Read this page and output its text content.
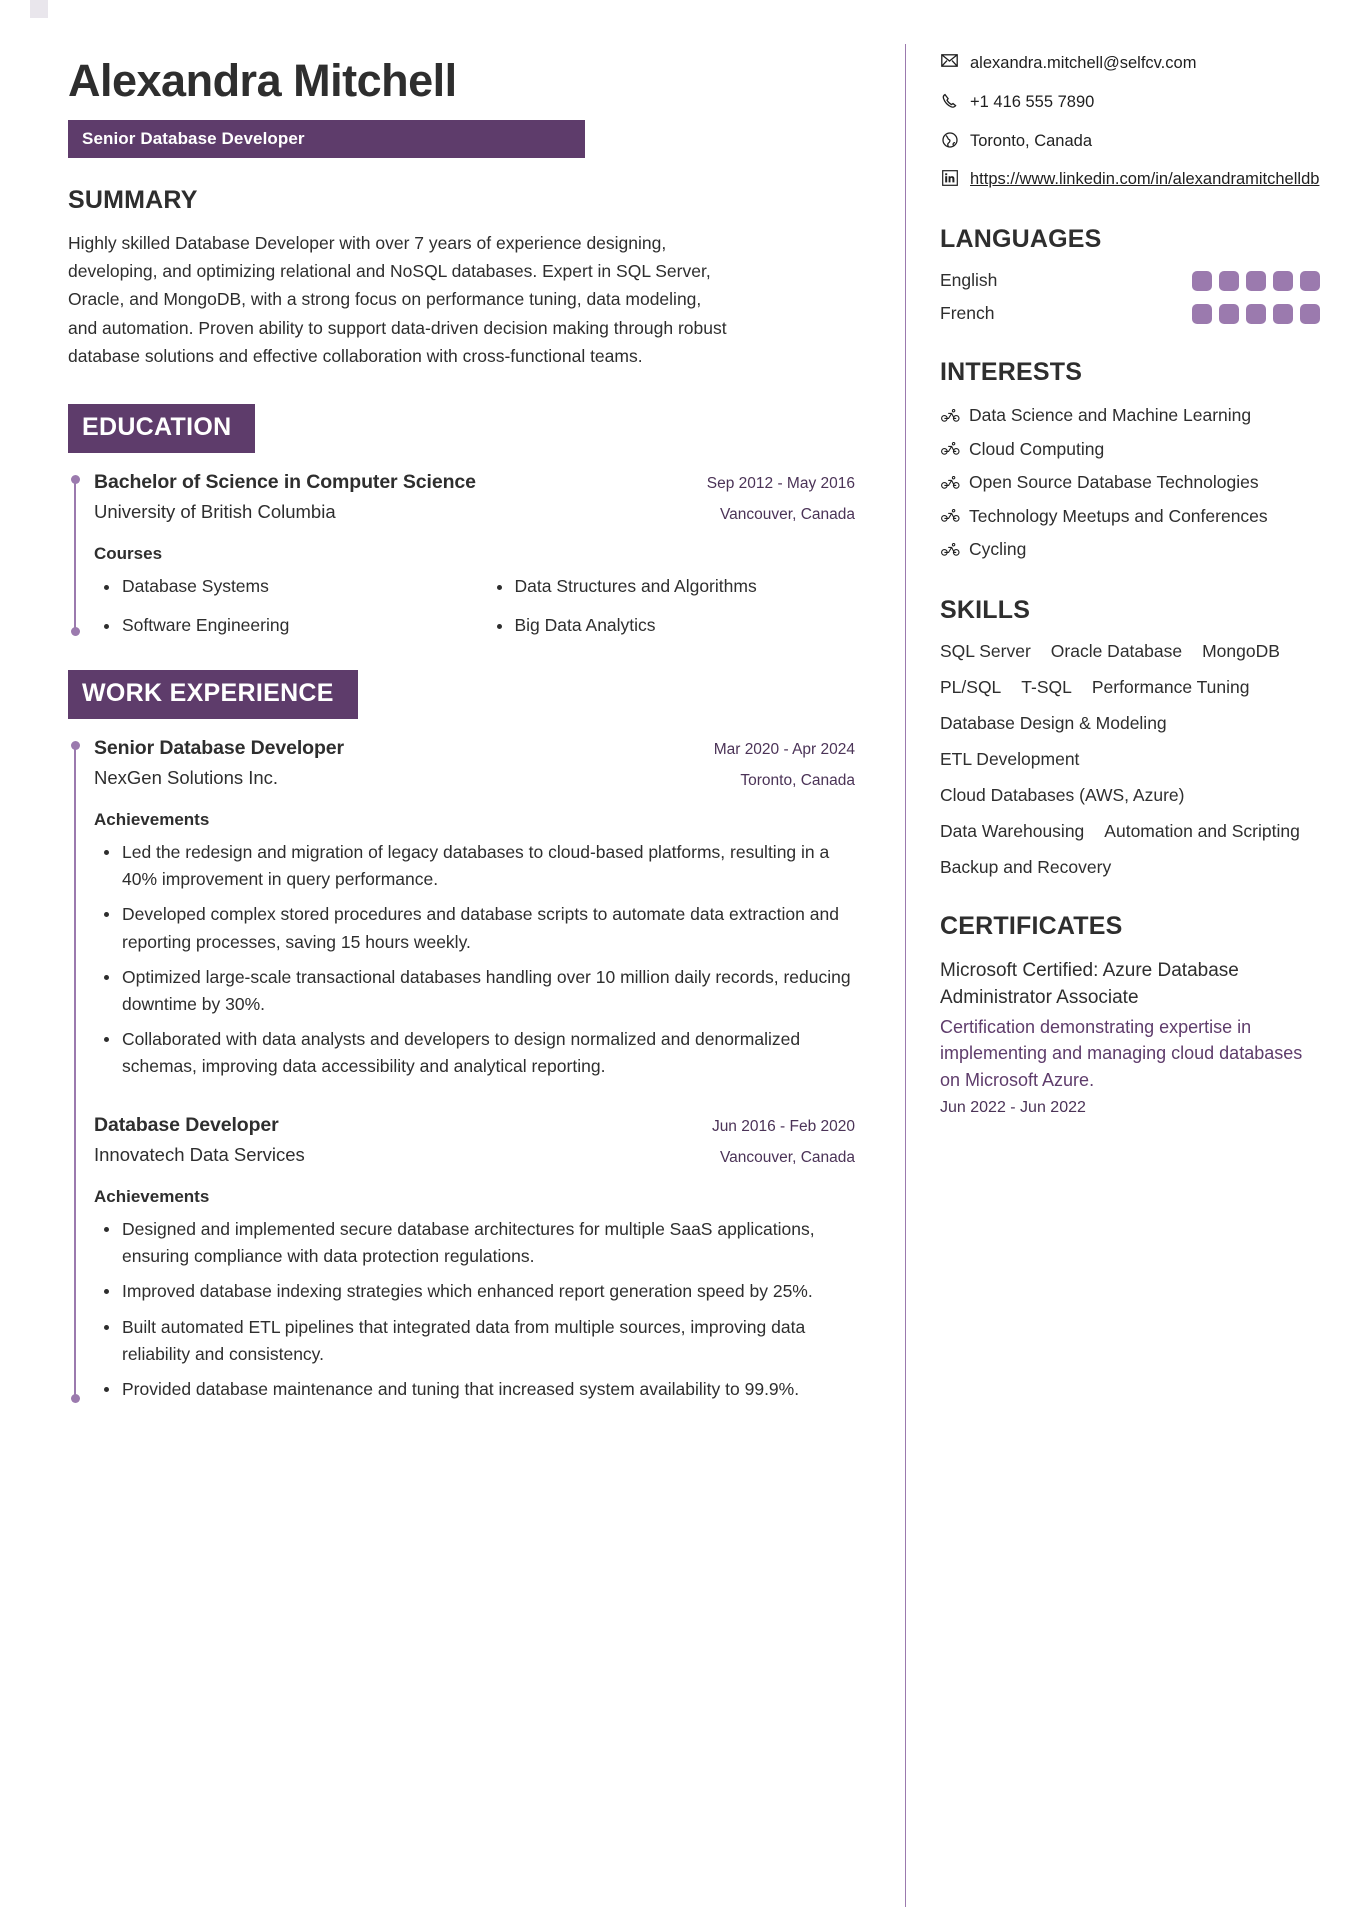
Alexandra Mitchell
Senior Database Developer
SUMMARY
Highly skilled Database Developer with over 7 years of experience designing, developing, and optimizing relational and NoSQL databases. Expert in SQL Server, Oracle, and MongoDB, with a strong focus on performance tuning, data modeling, and automation. Proven ability to support data-driven decision making through robust database solutions and effective collaboration with cross-functional teams.
EDUCATION
Bachelor of Science in Computer Science
University of British Columbia
Sep 2012 - May 2016
Vancouver, Canada
Courses
Database Systems	Data Structures and Algorithms
Software Engineering	Big Data Analytics
WORK EXPERIENCE
Senior Database Developer
NexGen Solutions Inc.
Mar 2020 - Apr 2024
Toronto, Canada
Achievements
Led the redesign and migration of legacy databases to cloud-based platforms, resulting in a 40% improvement in query performance.
Developed complex stored procedures and database scripts to automate data extraction and reporting processes, saving 15 hours weekly.
Optimized large-scale transactional databases handling over 10 million daily records, reducing downtime by 30%.
Collaborated with data analysts and developers to design normalized and denormalized schemas, improving data accessibility and analytical reporting.
Database Developer
Innovatech Data Services
Jun 2016 - Feb 2020
Vancouver, Canada
Achievements
Designed and implemented secure database architectures for multiple SaaS applications, ensuring compliance with data protection regulations.
Improved database indexing strategies which enhanced report generation speed by 25%.
Built automated ETL pipelines that integrated data from multiple sources, improving data reliability and consistency.
Provided database maintenance and tuning that increased system availability to 99.9%.
alexandra.mitchell@selfcv.com
+1 416 555 7890
Toronto, Canada
https://www.linkedin.com/in/alexandramitchelldb
LANGUAGES
English
French
INTERESTS
Data Science and Machine Learning
Cloud Computing
Open Source Database Technologies
Technology Meetups and Conferences
Cycling
SKILLS
SQL Server Oracle Database MongoDB
PL/SQL T-SQL Performance Tuning
Database Design & Modeling
ETL Development
Cloud Databases (AWS, Azure)
Data Warehousing Automation and Scripting
Backup and Recovery
CERTIFICATES
Microsoft Certified: Azure Database Administrator Associate
Certification demonstrating expertise in implementing and managing cloud databases on Microsoft Azure.
Jun 2022 - Jun 2022
